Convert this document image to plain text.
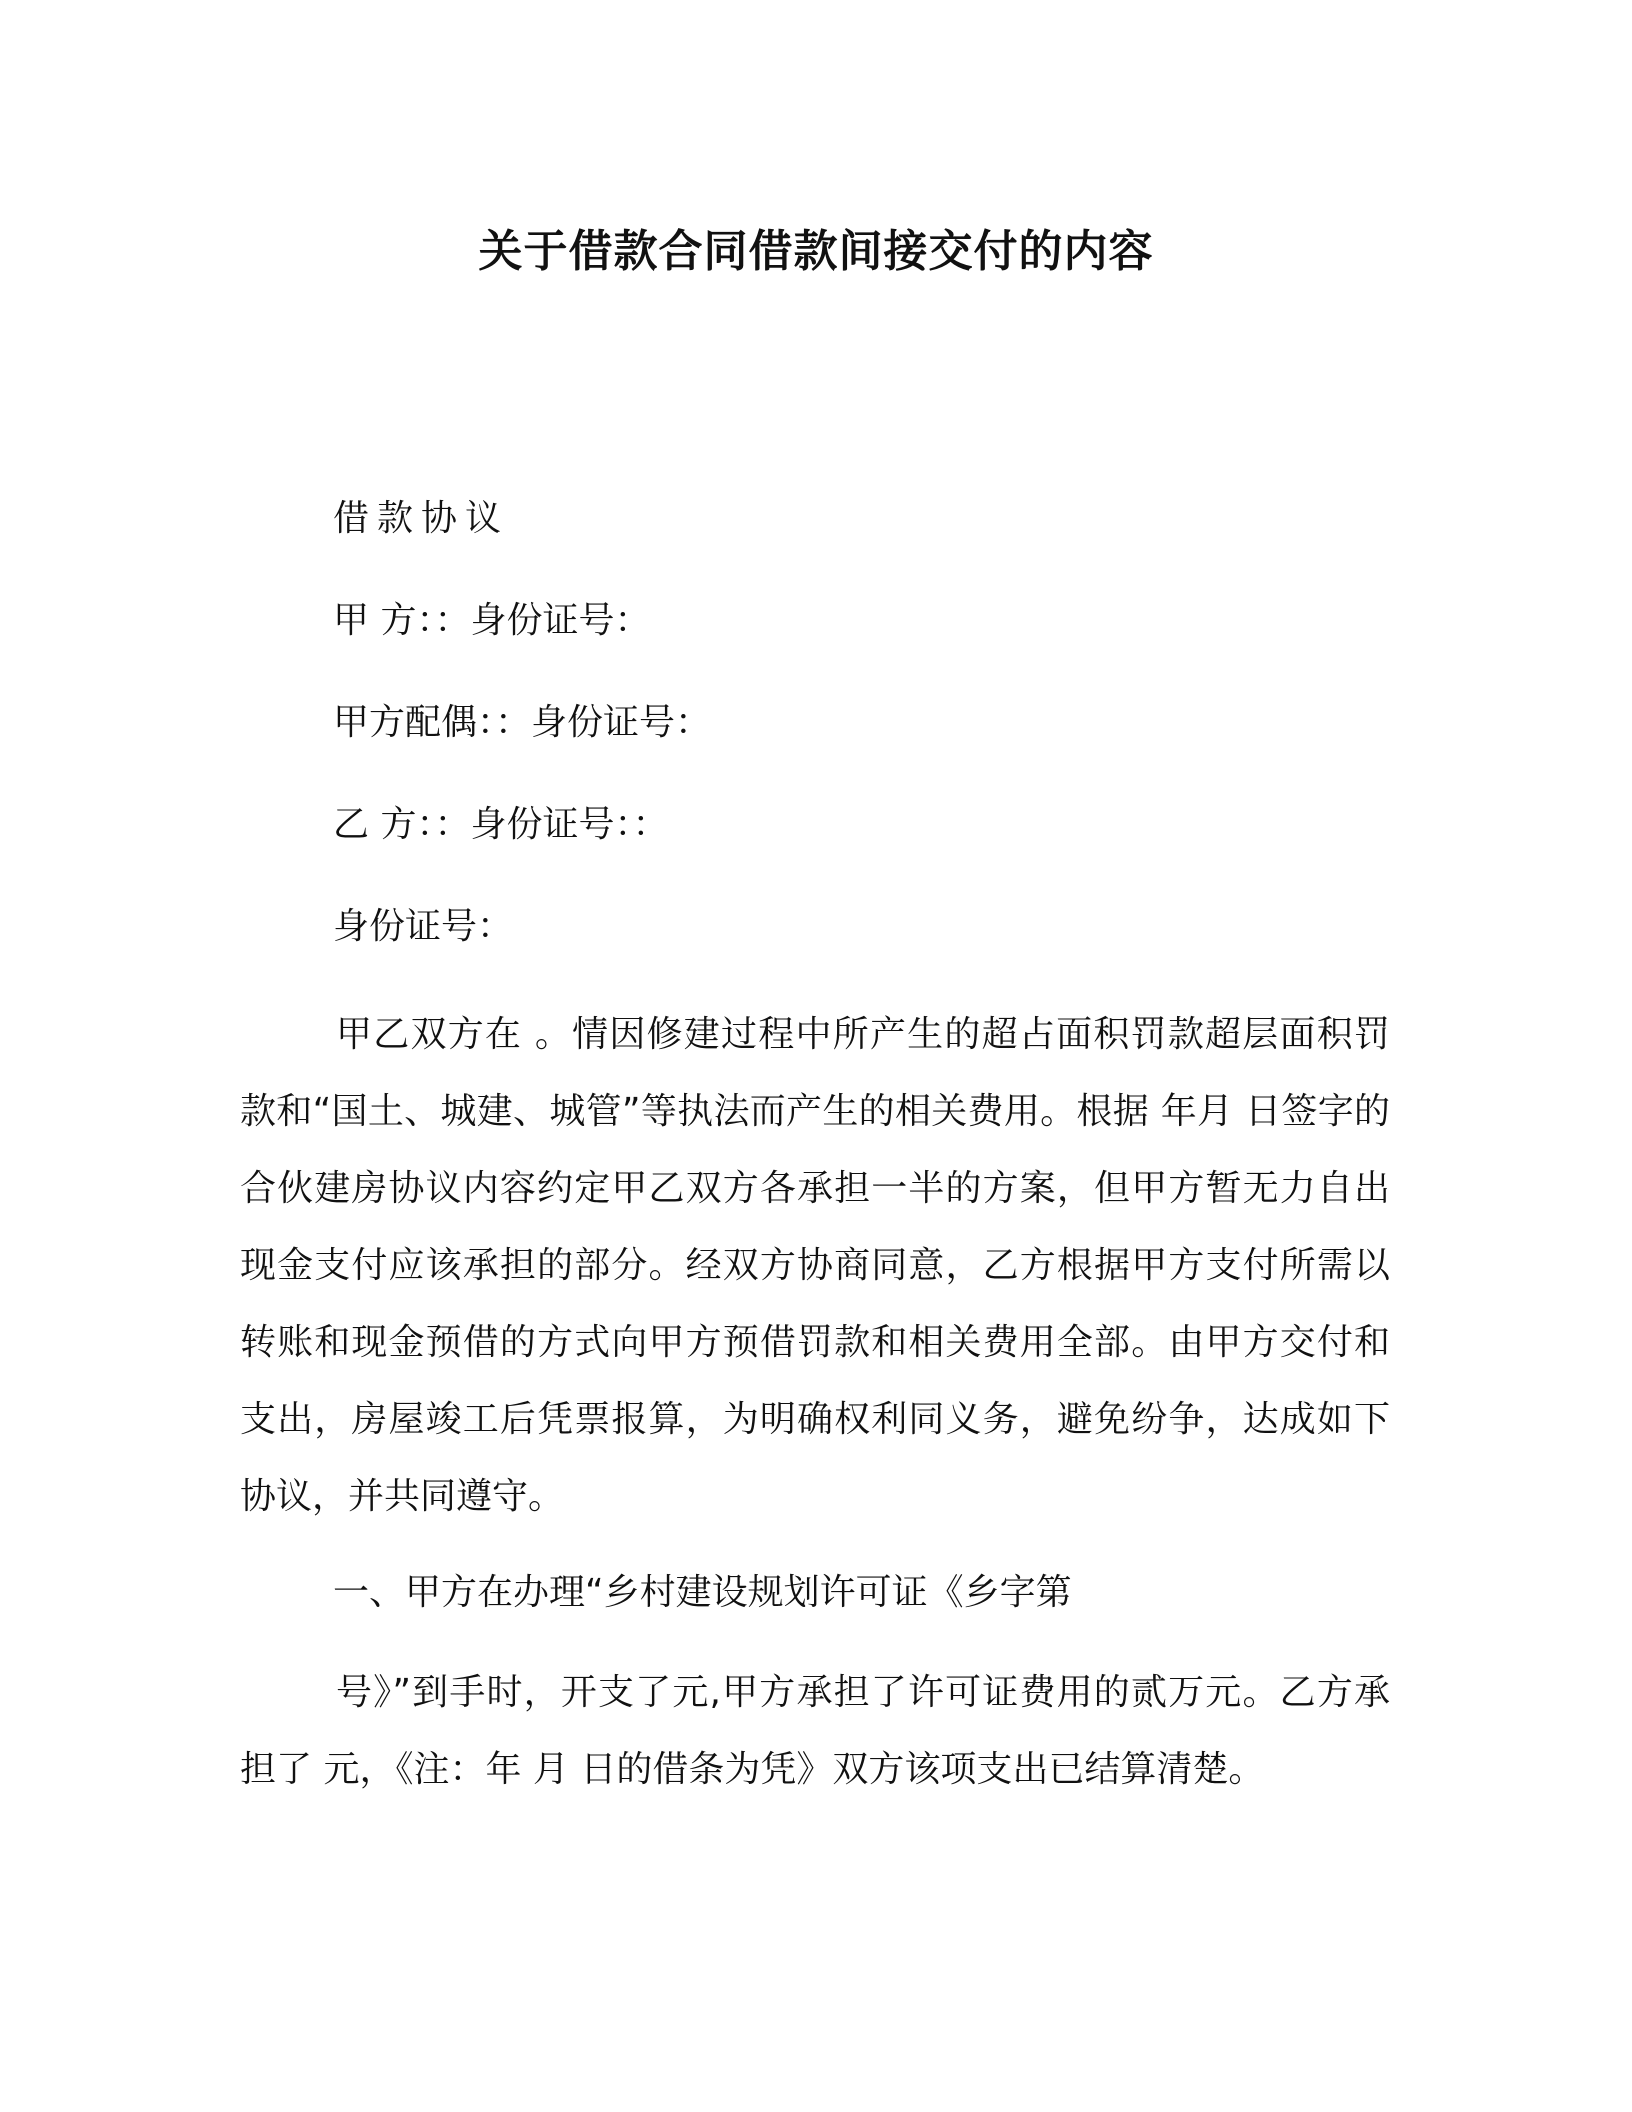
关于借款合同借款间接交付的内容
借款协议
甲 方：：身份证号：
甲方配偶：：身份证号：
乙 方：：身份证号：：
身份证号：
甲乙双方在 。情因修建过程中所产生的超占面积罚款超层面积罚款和“国土、城建、城管”等执法而产生的相关费用。根据 年月 日签字的合伙建房协议内容约定甲乙双方各承担一半的方案，但甲方暂无力自出现金支付应该承担的部分。经双方协商同意，乙方根据甲方支付所需以转账和现金预借的方式向甲方预借罚款和相关费用全部。由甲方交付和支出，房屋竣工后凭票报算，为明确权利同义务，避免纷争，达成如下协议，并共同遵守。
一、甲方在办理“乡村建设规划许可证《乡字第
号》”到手时，开支了元,甲方承担了许可证费用的贰万元。乙方承担了 元，《注：年 月 日的借条为凭》双方该项支出已结算清楚。
